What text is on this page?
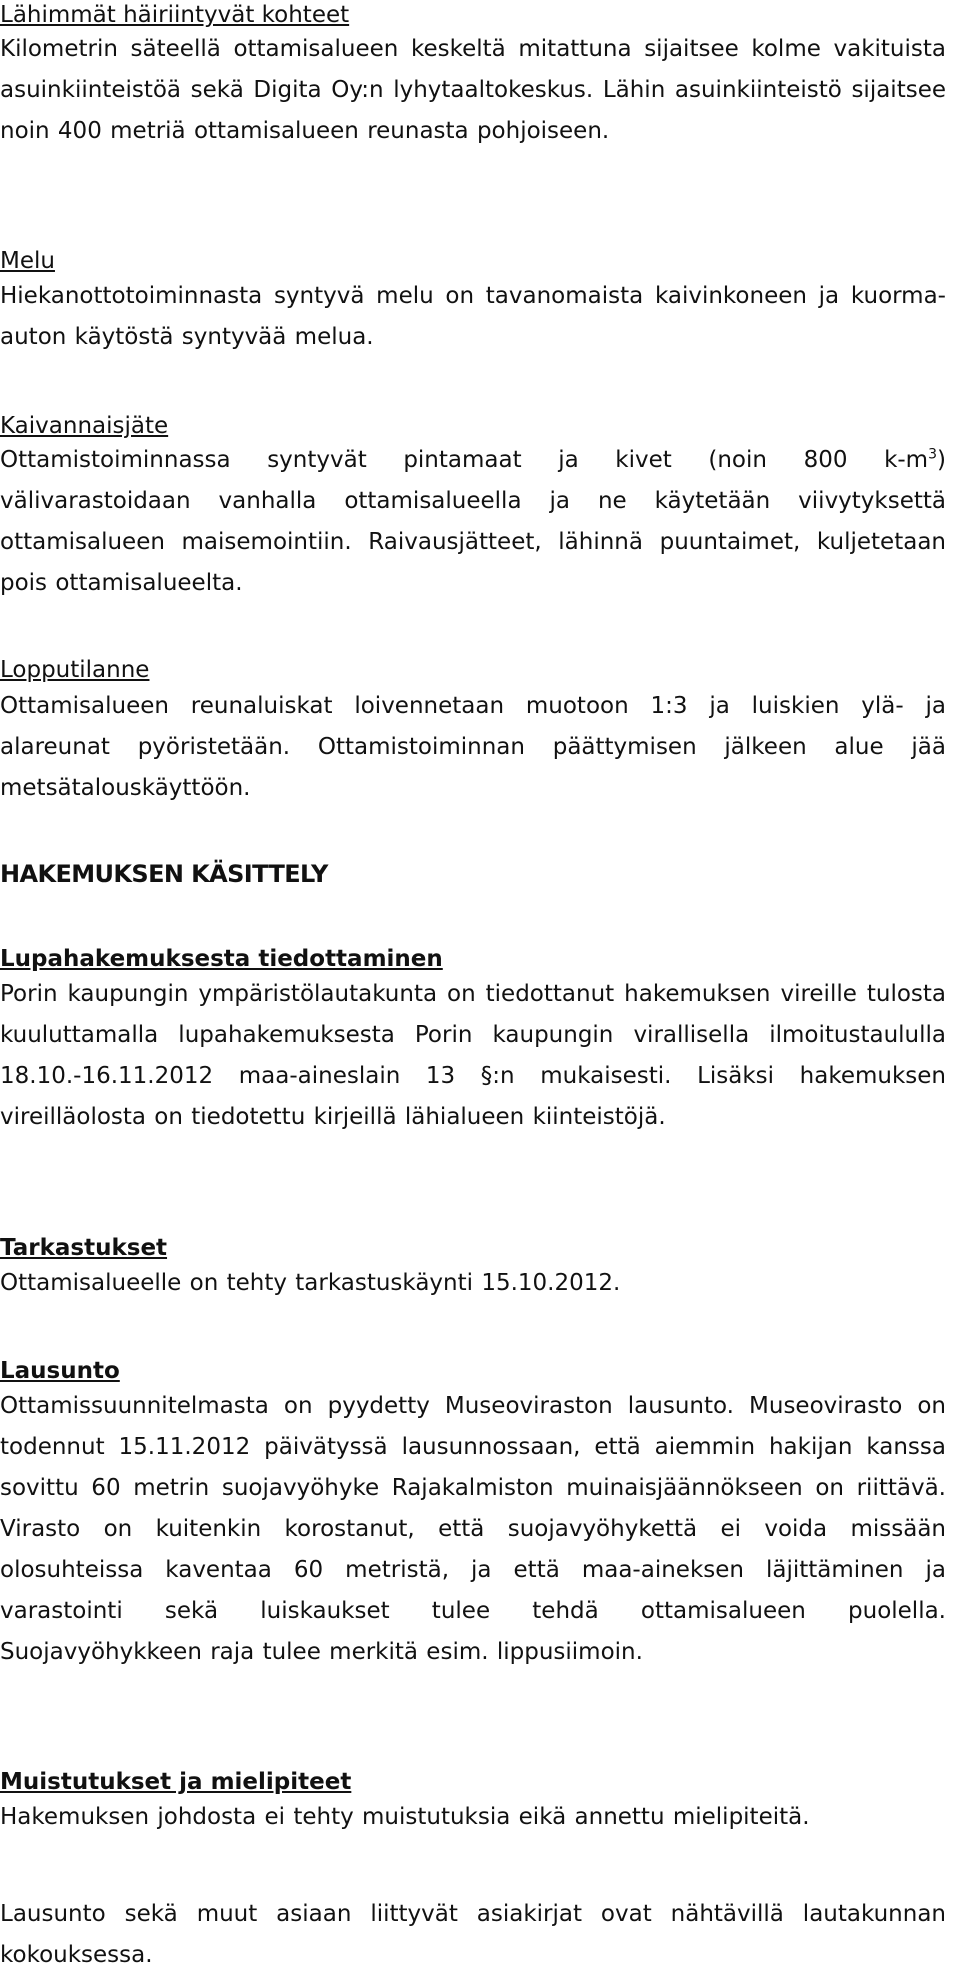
Lähimmät häiriintyvät kohteet

Kilometrin säteellä ottamisalueen keskeltä mitattuna sijaitsee kolme vakituista asuinkiinteistöä sekä Digita Oy:n lyhytaaltokeskus. Lähin asuinkiinteistö sijaitsee noin 400 metriä ottamisalueen reunasta pohjoiseen.

Melu

Hiekanottotoiminnasta syntyvä melu on tavanomaista kaivinkoneen ja kuorma-auton käytöstä syntyvää melua.

Kaivannaisjäte

Ottamistoiminnassa syntyvät pintamaat ja kivet (noin 800 $k-m^3$) välivarastoidaan vanhalla ottamisalueella ja ne käytetään viivytyksettä ottamisalueen maisemointiin. Raivausjätteet, lähinnä puuntaimet, kuljetetaan pois ottamisalueelta.

Lopputilanne

Ottamisalueen reunaluiskat loivennetaan muotoon 1:3 ja luiskien ylä- ja alareunat pyöristetään. Ottamistoiminnan päättymisen jälkeen alue jää metsätalouskäyttöön.

HAKEMUKSEN KÄSITTELY
Lupahakemuksesta tiedottaminen

Porin kaupungin ympäristölautakunta on tiedottanut hakemuksen vireille tulosta kuuluttamalla lupahakemuksesta Porin kaupungin virallisella ilmoitustaululla 18.10.-16.11.2012 maa-aineslain 13 §:n mukaisesti. Lisäksi hakemuksen vireilläolosta on tiedotettu kirjeillä lähialueen kiinteistöjä.

Tarkastukset

Ottamisalueelle on tehty tarkastuskäynti 15.10.2012.

Lausunto

Ottamissuunnitelmasta on pyydetty Museoviraston lausunto. Museovirasto on todennut 15.11.2012 päivätyssä lausunnossaan, että aiemmin hakijan kanssa sovittu 60 metrin suojavyöhyke Rajakalmiston muinaisjäännökseen on riittävä. Virasto on kuitenkin korostanut, että suojavyöhykettä ei voida missään olosuhteissa kaventaa 60 metristä, ja että maa-aineksen läjittäminen ja varastointi sekä luiskaukset tulee tehdä ottamisalueen puolella. Suojavyöhykkeen raja tulee merkitä esim. lippusiimoin.

Muistutukset ja mielipiteet

Hakemuksen johdosta ei tehty muistutuksia eikä annettu mielipiteitä.

Lausunto sekä muut asiaan liittyvät asiakirjat ovat nähtävillä lautakunnan kokouksessa.
